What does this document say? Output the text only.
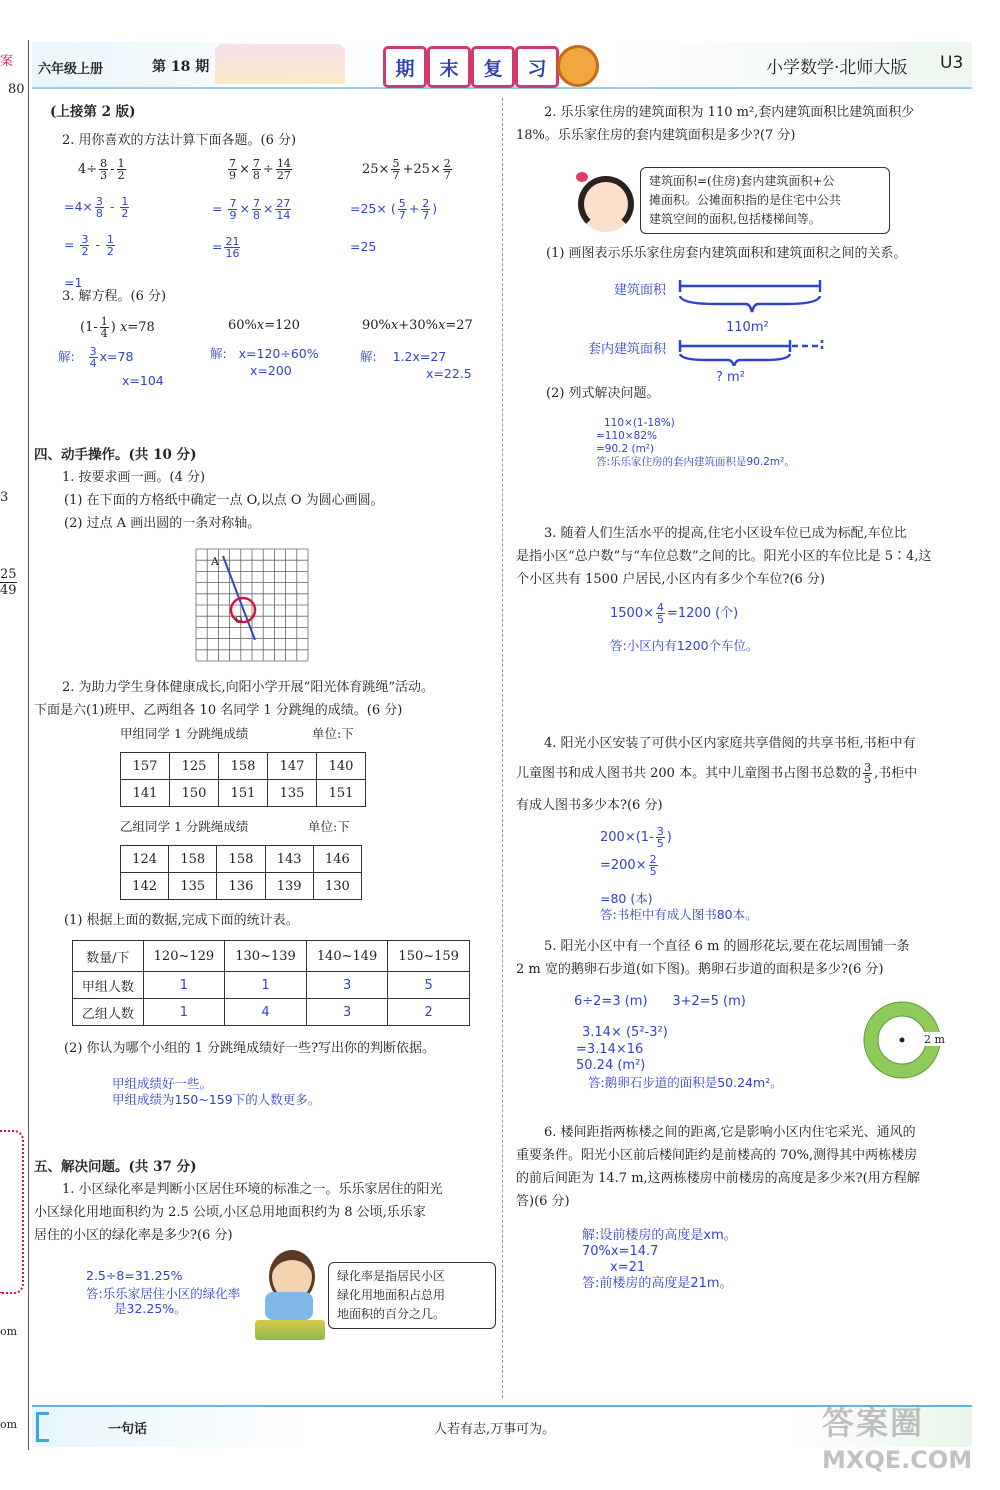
六年级上册	第 18 期	期	末	复	习	小学数学·北师大版 U3
案
80
3
$\frac{25}{49}$
om
om
(上接第 2 版)
2. 用你喜欢的方法计算下面各题。(6 分)
$4\div \frac{8}{3} - \frac{1}{2}$	$\frac{7}{9} \times \frac{7}{8} \div \frac{14}{27}$	$25\times \frac{5}{7} +25\times \frac{2}{7}$
$=4\times \frac{3}{8} - \frac{1}{2}$
= $\frac{3}{2} - \frac{1}{2}$
=1
= $\frac{7}{9} \times \frac{7}{8} \times \frac{27}{14}$
= $\frac{21}{16}$
=25× ( $\frac{5}{7} + \frac{2}{7}$ )
=25
3. 解方程。(6 分)
($1- \frac{1}{4}$ ) x=78	60%x=120	90%x+30%x=27
解: $\frac{3}{4} x=78$
x=104
解:   x=120÷60%
x=200
解:    1.2x=27
x=22.5
四、动手操作。(共 10 分)
1. 按要求画一画。(4 分)
(1) 在下面的方格纸中确定一点 O,以点 O 为圆心画圆。
(2) 过点 A 画出圆的一条对称轴。
A
O
2. 为助力学生身体健康成长,向阳小学开展“阳光体育跳绳”活动。
下面是六(1)班甲、乙两组各 10 名同学 1 分跳绳的成绩。(6 分)
甲组同学 1 分跳绳成绩	单位:下
157	125	158	147	140
141	150	151	135	151
乙组同学 1 分跳绳成绩	单位:下
124	158	158	143	146
142	135	136	139	130
(1) 根据上面的数据,完成下面的统计表。
数量/下	120~129	130~139	140~149	150~159
甲组人数	1	1	3	5
乙组人数	1	4	3	2
(2) 你认为哪个小组的 1 分跳绳成绩好一些?写出你的判断依据。
甲组成绩好一些。
甲组成绩为150~159下的人数更多。
五、解决问题。(共 37 分)
1. 小区绿化率是判断小区居住环境的标准之一。乐乐家居住的阳光
小区绿化用地面积约为 2.5 公顷,小区总用地面积约为 8 公顷,乐乐家
居住的小区的绿化率是多少?(6 分)
2.5÷8=31.25%
答:乐乐家居住小区的绿化率
是32.25%。
绿化率是指居民小区
绿化用地面积占总用
地面积的百分之几。
2. 乐乐家住房的建筑面积为 110 m²,套内建筑面积比建筑面积少
18%。乐乐家住房的套内建筑面积是多少?(7 分)
建筑面积=(住房)套内建筑面积+公
摊面积。公摊面积指的是住宅中公共
建筑空间的面积,包括楼梯间等。
(1) 画图表示乐乐家住房套内建筑面积和建筑面积之间的关系。
建筑面积
套内建筑面积
110m²
? m²
(2) 列式解决问题。
110×(1-18%)
=110×82%
=90.2 (m²)
答:乐乐家住房的套内建筑面积是90.2m²。
3. 随着人们生活水平的提高,住宅小区设车位已成为标配,车位比
是指小区“总户数”与“车位总数”之间的比。阳光小区的车位比是 5∶4,这
个小区共有 1500 户居民,小区内有多少个车位?(6 分)
$1500\times \frac{4}{5} =1200$ (个)
答:小区内有1200个车位。
4. 阳光小区安装了可供小区内家庭共享借阅的共享书柜,书柜中有
儿童图书和成人图书共 200 本。其中儿童图书占图书总数的 $\frac{3}{5}$ ,书柜中
有成人图书多少本?(6 分)
$200\times(1- \frac{3}{5}$ )
$=200\times \frac{2}{5}$
=80 (本)
答:书柜中有成人图书80本。
5. 阳光小区中有一个直径 6 m 的圆形花坛,要在花坛周围铺一条
2 m 宽的鹅卵石步道(如下图)。鹅卵石步道的面积是多少?(6 分)
6÷2=3 (m)      3+2=5 (m)
3.14× (5²-3²)
=3.14×16
50.24 (m²)
答:鹅卵石步道的面积是50.24m²。
2 m
6. 楼间距指两栋楼之间的距离,它是影响小区内住宅采光、通风的
重要条件。阳光小区前后楼间距约是前楼高的 70%,测得其中两栋楼房
的前后间距为 14.7 m,这两栋楼房中前楼房的高度是多少米?(用方程解
答)(6 分)
解:设前楼房的高度是xm。
70%x=14.7
x=21
答:前楼房的高度是21m。
一句话	人若有志,万事可为。	答案圈
MXQE.COM
